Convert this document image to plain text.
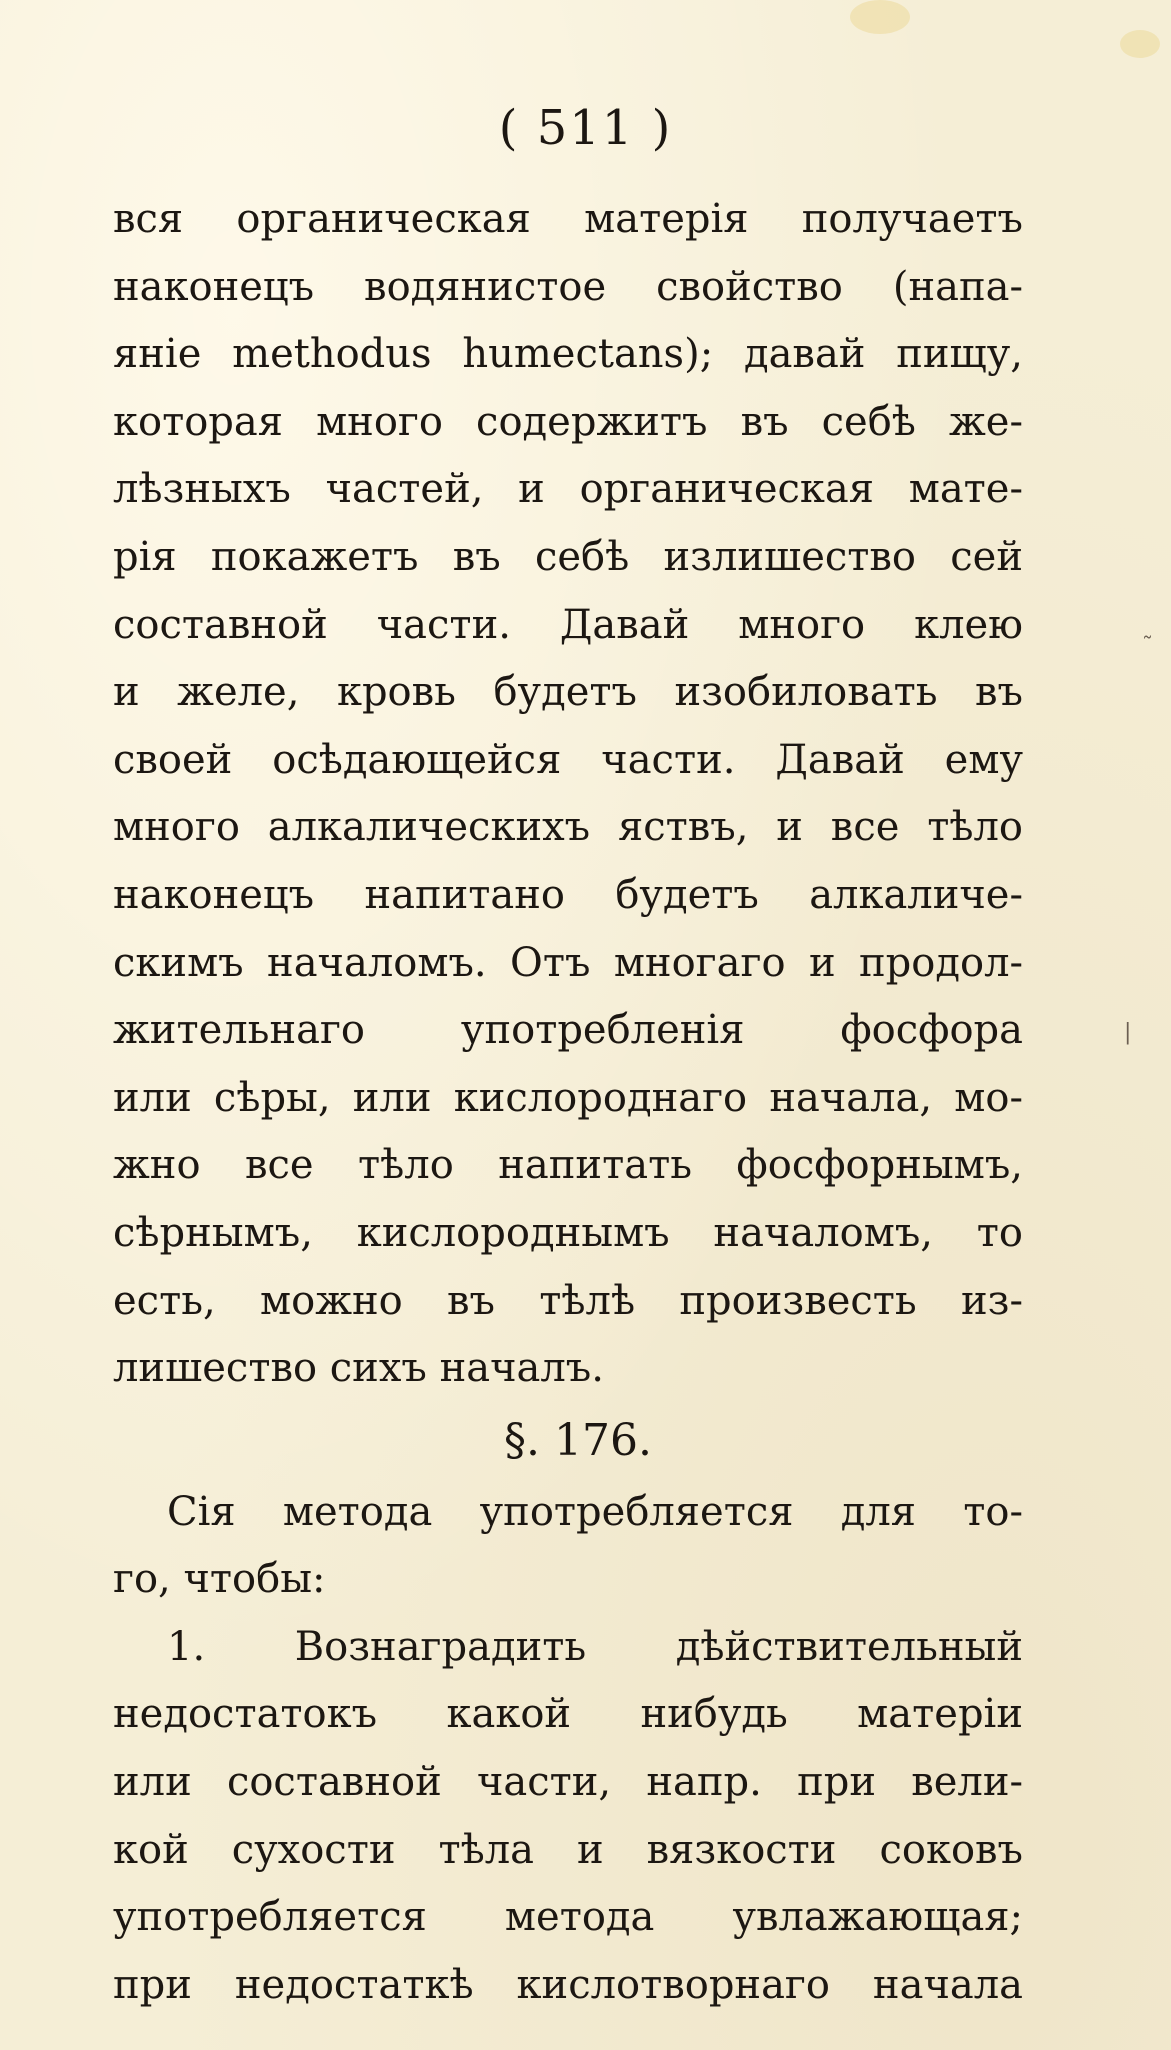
˜
|
( 511 )
вся органическая матерія получаетъ
наконецъ водянистое свойство (напа-
яніе methodus humectans); давай пищу,
которая много содержитъ въ себѣ же-
лѣзныхъ частей, и органическая мате-
рія покажетъ въ себѣ излишество сей
составной части. Давай много клею
и желе, кровь будетъ изобиловать въ
своей осѣдающейся части. Давай ему
много алкалическихъ яствъ, и все тѣло
наконецъ напитано будетъ алкаличе-
скимъ началомъ. Отъ многаго и продол-
жительнаго употребленія фосфора
или сѣры, или кислороднаго начала, мо-
жно все тѣло напитать фосфорнымъ,
сѣрнымъ, кислороднымъ началомъ, то
есть, можно въ тѣлѣ произвесть из-
лишество сихъ началъ.
§. 176.
Сія метода употребляется для то-
го, чтобы:
1. Вознаградить дѣйствительный
недостатокъ какой нибудь матеріи
или составной части, напр. при вели-
кой сухости тѣла и вязкости соковъ
употребляется метода увлажающая;
при недостаткѣ кислотворнаго начала
